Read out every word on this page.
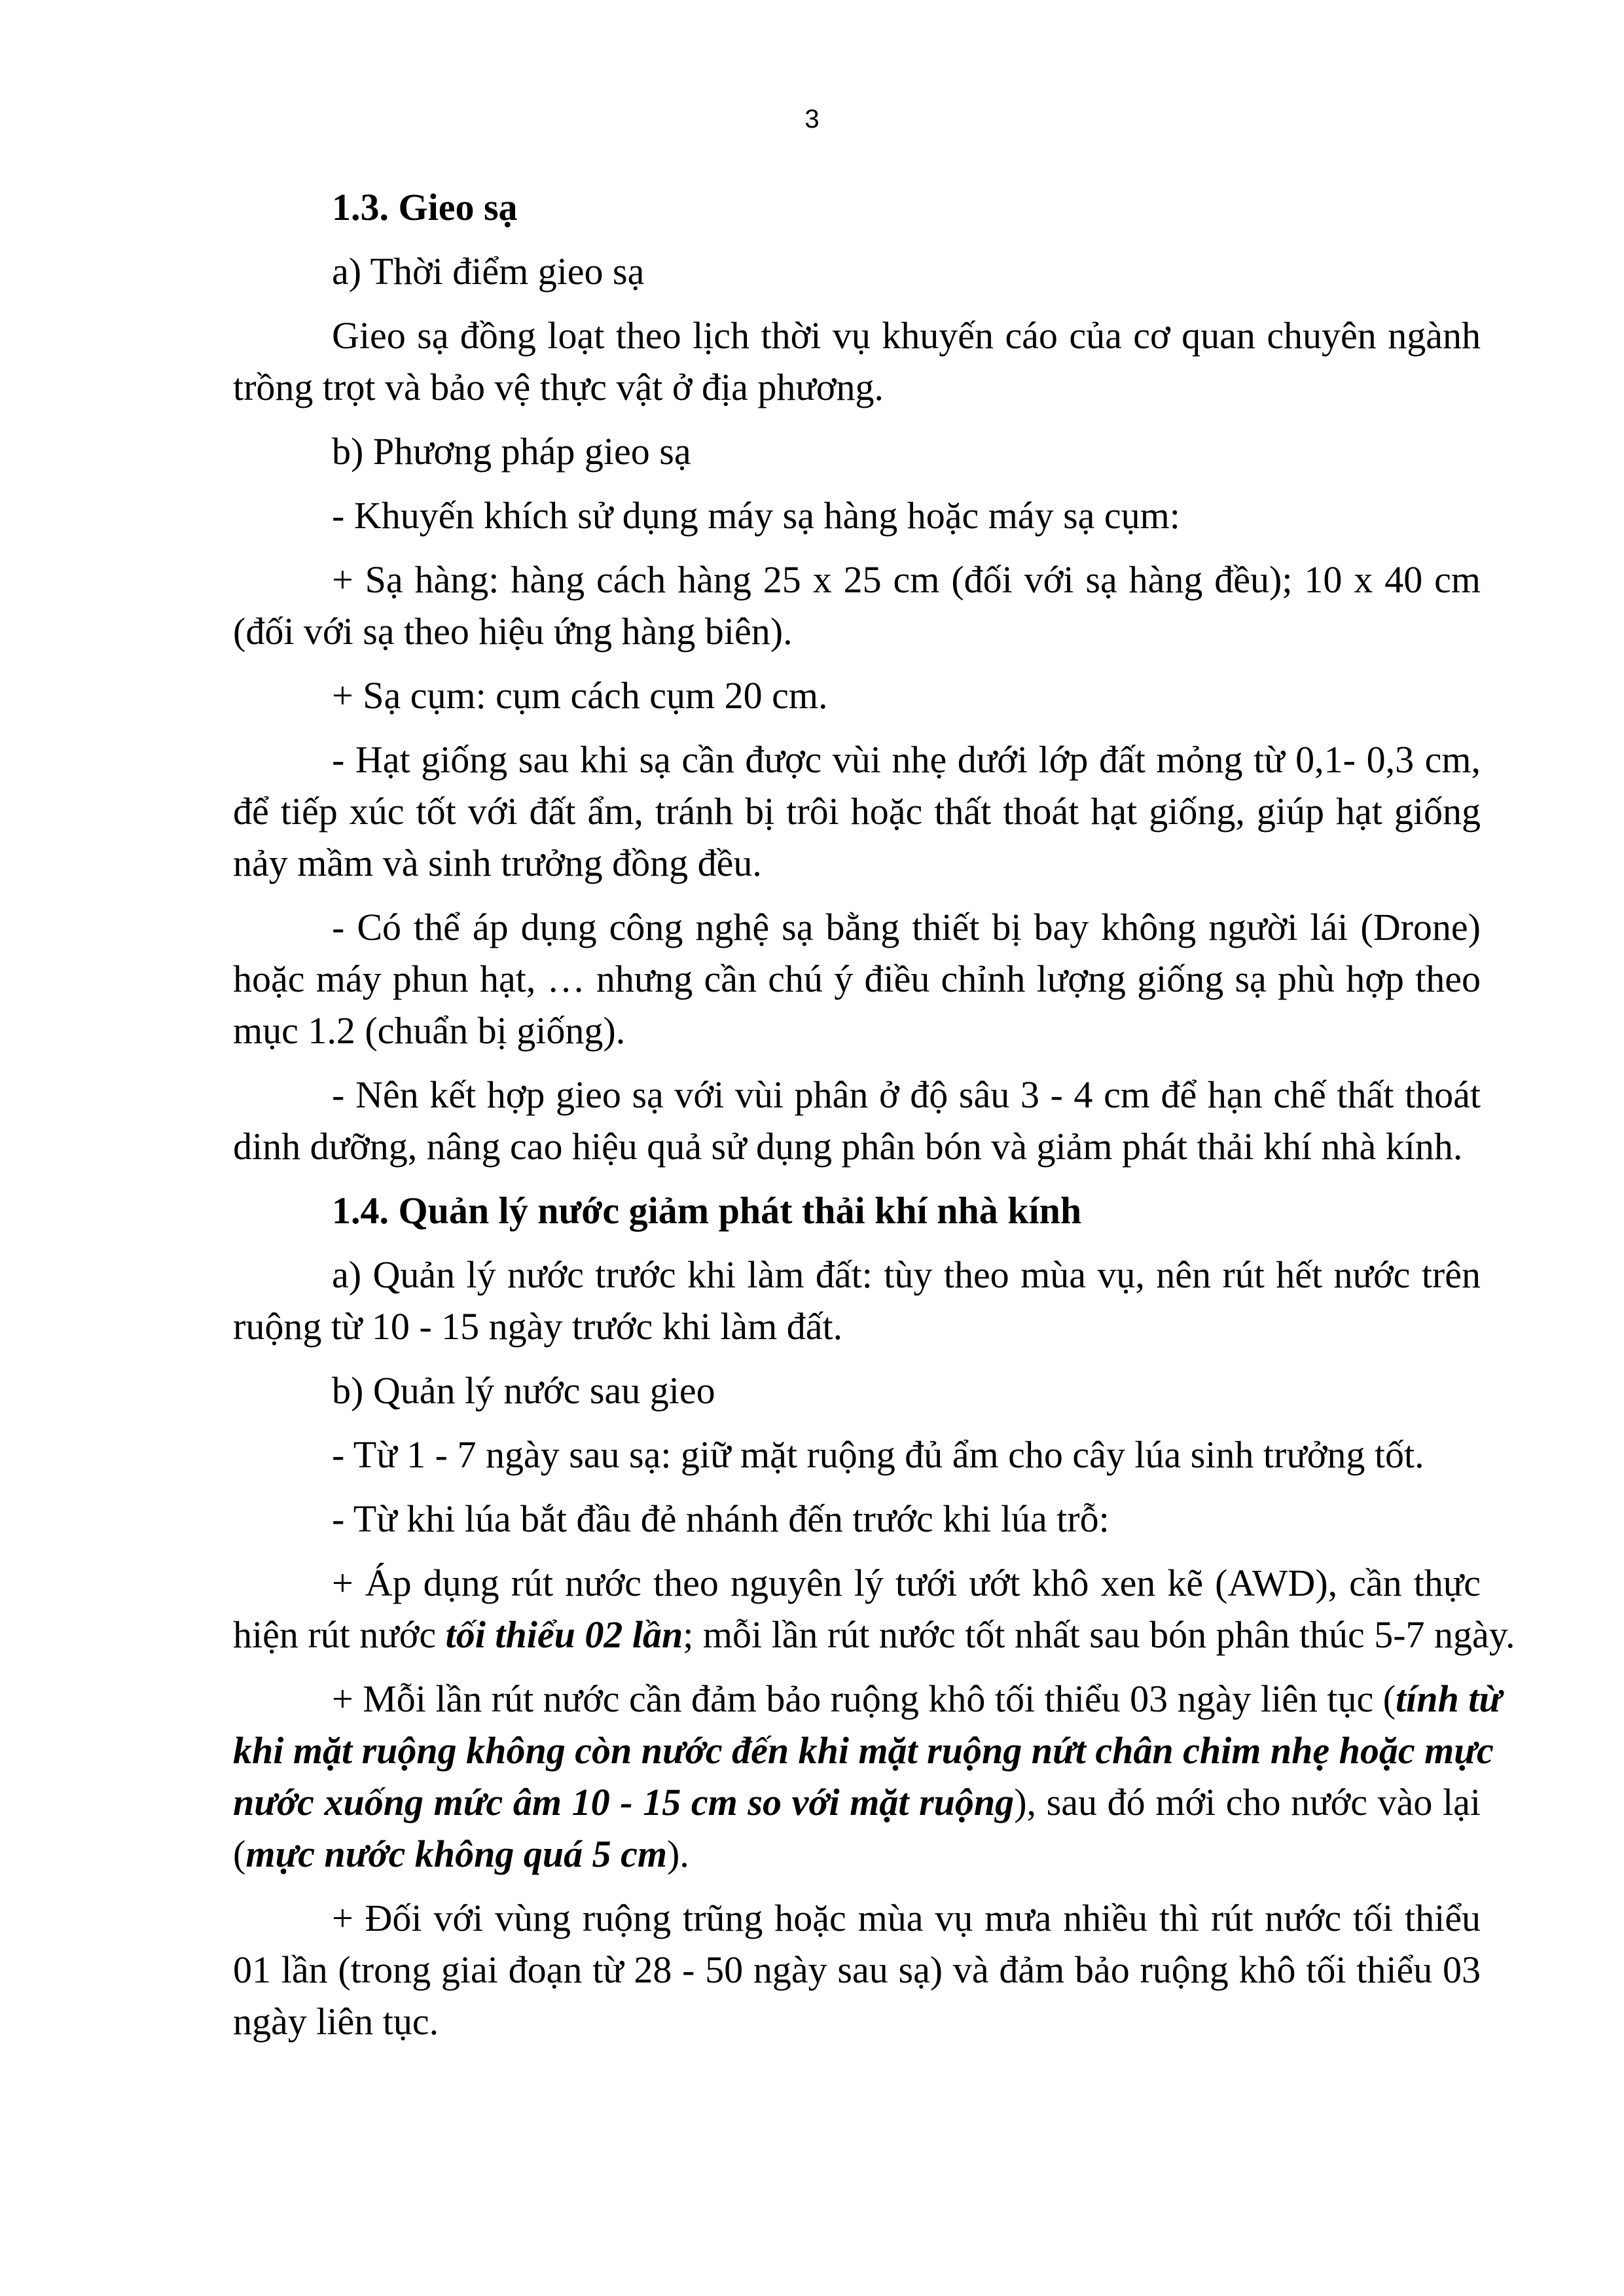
3
1.3. Gieo sạ
a) Thời điểm gieo sạ
Gieo sạ đồng loạt theo lịch thời vụ khuyến cáo của cơ quan chuyên ngành
trồng trọt và bảo vệ thực vật ở địa phương.
b) Phương pháp gieo sạ
- Khuyến khích sử dụng máy sạ hàng hoặc máy sạ cụm:
+ Sạ hàng: hàng cách hàng 25 x 25 cm (đối với sạ hàng đều); 10 x 40 cm
(đối với sạ theo hiệu ứng hàng biên).
+ Sạ cụm: cụm cách cụm 20 cm.
- Hạt giống sau khi sạ cần được vùi nhẹ dưới lớp đất mỏng từ 0,1- 0,3 cm,
để tiếp xúc tốt với đất ẩm, tránh bị trôi hoặc thất thoát hạt giống, giúp hạt giống
nảy mầm và sinh trưởng đồng đều.
- Có thể áp dụng công nghệ sạ bằng thiết bị bay không người lái (Drone)
hoặc máy phun hạt, … nhưng cần chú ý điều chỉnh lượng giống sạ phù hợp theo
mục 1.2 (chuẩn bị giống).
- Nên kết hợp gieo sạ với vùi phân ở độ sâu 3 - 4 cm để hạn chế thất thoát
dinh dưỡng, nâng cao hiệu quả sử dụng phân bón và giảm phát thải khí nhà kính.
1.4. Quản lý nước giảm phát thải khí nhà kính
a) Quản lý nước trước khi làm đất: tùy theo mùa vụ, nên rút hết nước trên
ruộng từ 10 - 15 ngày trước khi làm đất.
b) Quản lý nước sau gieo
- Từ 1 - 7 ngày sau sạ: giữ mặt ruộng đủ ẩm cho cây lúa sinh trưởng tốt.
- Từ khi lúa bắt đầu đẻ nhánh đến trước khi lúa trỗ:
+ Áp dụng rút nước theo nguyên lý tưới ướt khô xen kẽ (AWD), cần thực
hiện rút nước tối thiểu 02 lần; mỗi lần rút nước tốt nhất sau bón phân thúc 5-7 ngày.
+ Mỗi lần rút nước cần đảm bảo ruộng khô tối thiểu 03 ngày liên tục (tính từ
khi mặt ruộng không còn nước đến khi mặt ruộng nứt chân chim nhẹ hoặc mực
nước xuống mức âm 10 - 15 cm so với mặt ruộng), sau đó mới cho nước vào lại
(mực nước không quá 5 cm).
+ Đối với vùng ruộng trũng hoặc mùa vụ mưa nhiều thì rút nước tối thiểu
01 lần (trong giai đoạn từ 28 - 50 ngày sau sạ) và đảm bảo ruộng khô tối thiểu 03
ngày liên tục.
